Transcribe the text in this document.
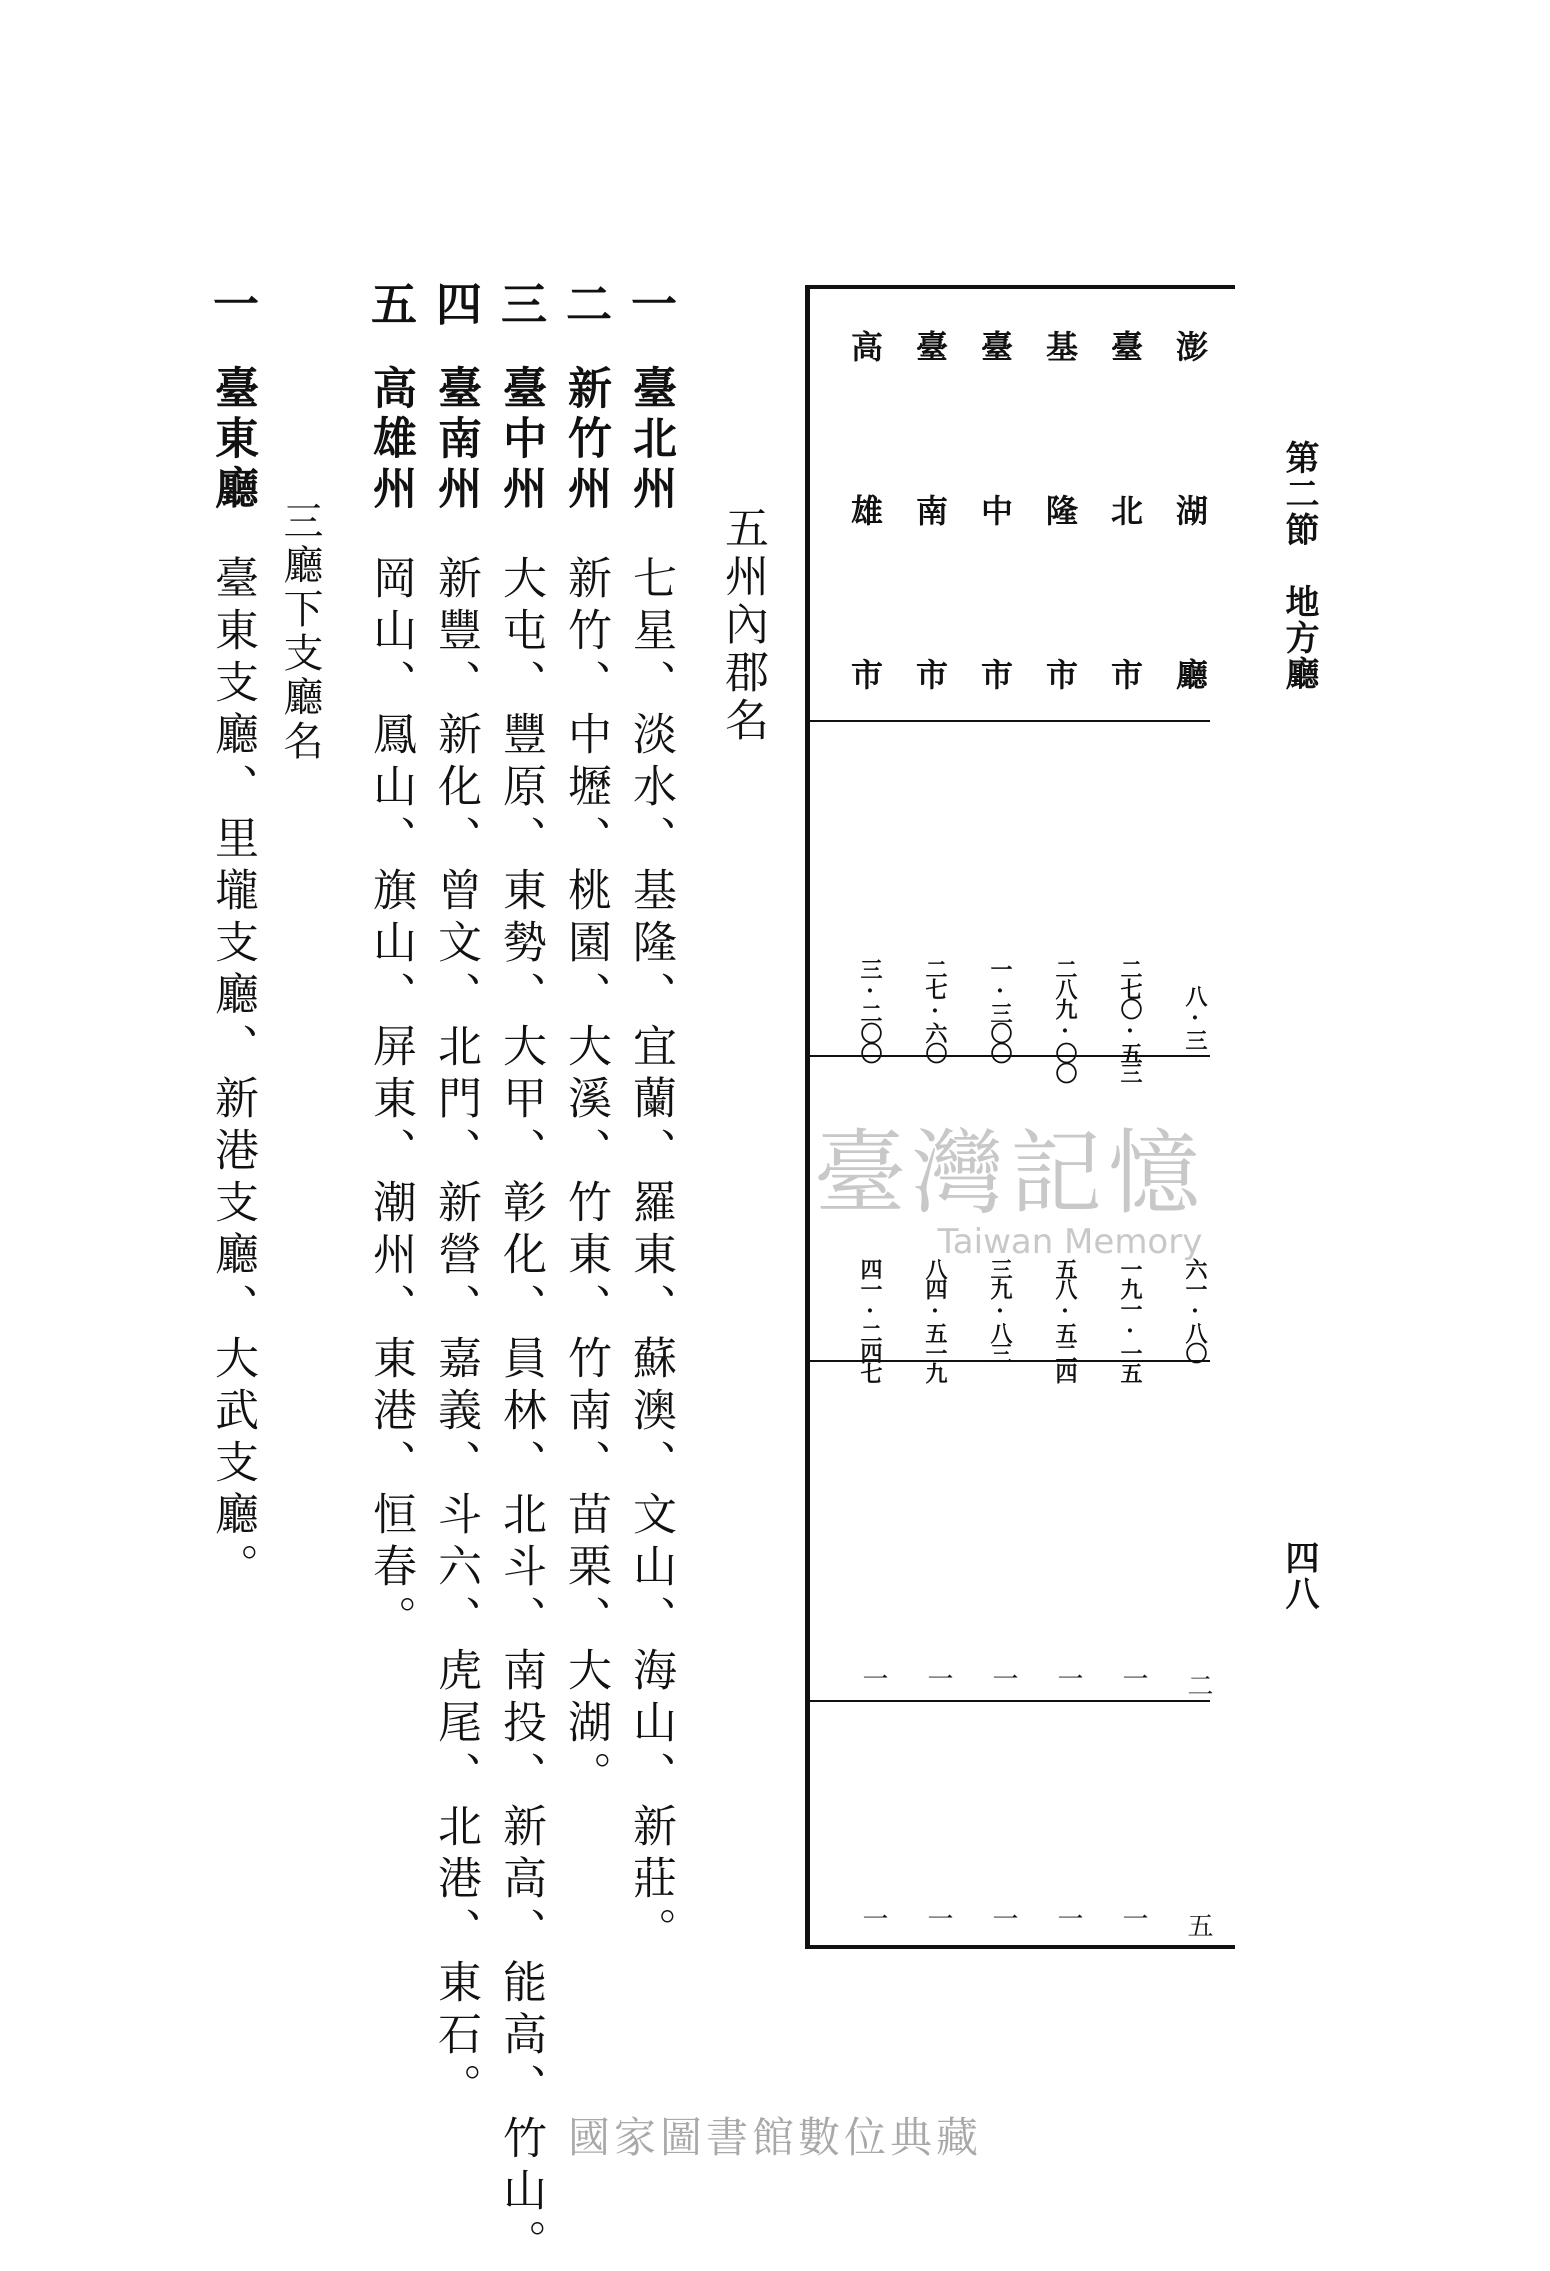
第二節　地方廳
四八
澎
湖
廳
八·三
六一·八〇
二
五
臺
北
市
二七〇·五三
一九一·一五
一
一
基
隆
市
二八九·〇〇
五八·五二四
一
一
臺
中
市
一·三〇〇
三九·八三
一
一
臺
南
市
二七·六〇
八四·五一九
一
一
高
雄
市
三·二〇〇
四一·二四七
一
一
臺灣記憶
Taiwan Memory
五州內郡名
一
臺北州
七星、淡水、基隆、宜蘭、羅東、蘇澳、文山、海山、新莊。
二
新竹州
新竹、中壢、桃園、大溪、竹東、竹南、苗栗、大湖。
三
臺中州
大屯、豐原、東勢、大甲、彰化、員林、北斗、南投、新高、能高、竹山。
四
臺南州
新豐、新化、曾文、北門、新營、嘉義、斗六、虎尾、北港、東石。
五
高雄州
岡山、鳳山、旗山、屏東、潮州、東港、恒春。
三廳下支廳名
一
臺東廳
臺東支廳、里壠支廳、新港支廳、大武支廳。
國家圖書館數位典藏
